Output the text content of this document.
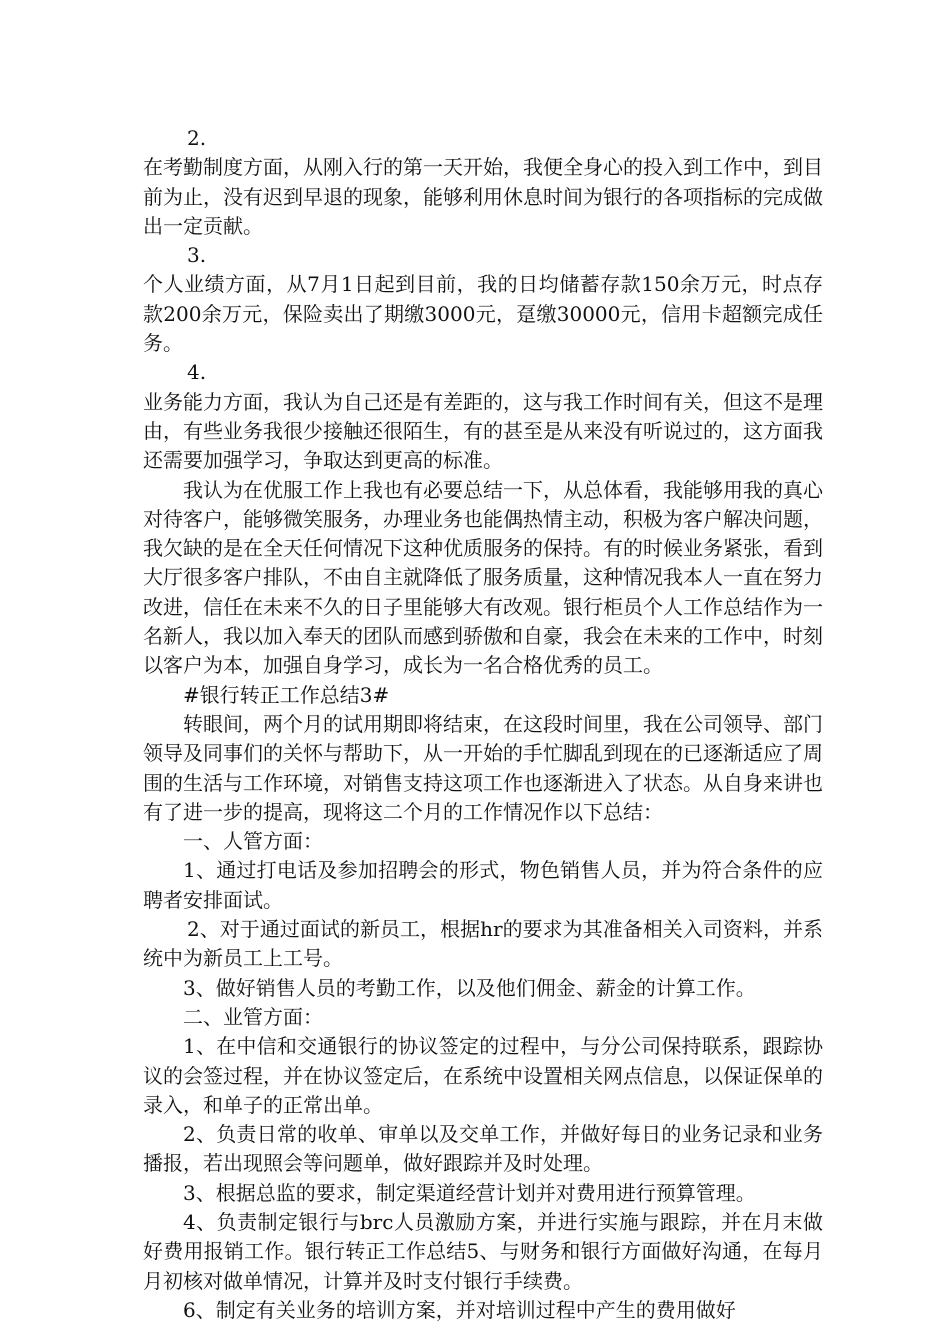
2.

在考勤制度方面，从刚入行的第一天开始，我便全身心的投入到工作中，到目前为止，没有迟到早退的现象，能够利用休息时间为银行的各项指标的完成做出一定贡献。

3.

个人业绩方面，从7月1日起到目前，我的日均储蓄存款150余万元，时点存款200余万元，保险卖出了期缴3000元，趸缴30000元，信用卡超额完成任务。

4.

业务能力方面，我认为自己还是有差距的，这与我工作时间有关，但这不是理由，有些业务我很少接触还很陌生，有的甚至是从来没有听说过的，这方面我还需要加强学习，争取达到更高的标准。

我认为在优服工作上我也有必要总结一下，从总体看，我能够用我的真心对待客户，能够微笑服务，办理业务也能偶热情主动，积极为客户解决问题，我欠缺的是在全天任何情况下这种优质服务的保持。有的时候业务紧张，看到大厅很多客户排队，不由自主就降低了服务质量，这种情况我本人一直在努力改进，信任在未来不久的日子里能够大有改观。银行柜员个人工作总结作为一名新人，我以加入奉天的团队而感到骄傲和自豪，我会在未来的工作中，时刻以客户为本，加强自身学习，成长为一名合格优秀的员工。

#银行转正工作总结3#

转眼间，两个月的试用期即将结束，在这段时间里，我在公司领导、部门领导及同事们的关怀与帮助下，从一开始的手忙脚乱到现在的已逐渐适应了周围的生活与工作环境，对销售支持这项工作也逐渐进入了状态。从自身来讲也有了进一步的提高，现将这二个月的工作情况作以下总结：

一、人管方面：

1、通过打电话及参加招聘会的形式，物色销售人员，并为符合条件的应聘者安排面试。

2、对于通过面试的新员工，根据hr的要求为其准备相关入司资料，并系统中为新员工上工号。

3、做好销售人员的考勤工作，以及他们佣金、薪金的计算工作。

二、业管方面：

1、在中信和交通银行的协议签定的过程中，与分公司保持联系，跟踪协议的会签过程，并在协议签定后，在系统中设置相关网点信息，以保证保单的录入，和单子的正常出单。

2、负责日常的收单、审单以及交单工作，并做好每日的业务记录和业务播报，若出现照会等问题单，做好跟踪并及时处理。

3、根据总监的要求，制定渠道经营计划并对费用进行预算管理。

4、负责制定银行与brc人员激励方案，并进行实施与跟踪，并在月末做好费用报销工作。银行转正工作总结5、与财务和银行方面做好沟通，在每月月初核对做单情况，计算并及时支付银行手续费。

6、制定有关业务的培训方案，并对培训过程中产生的费用做好
